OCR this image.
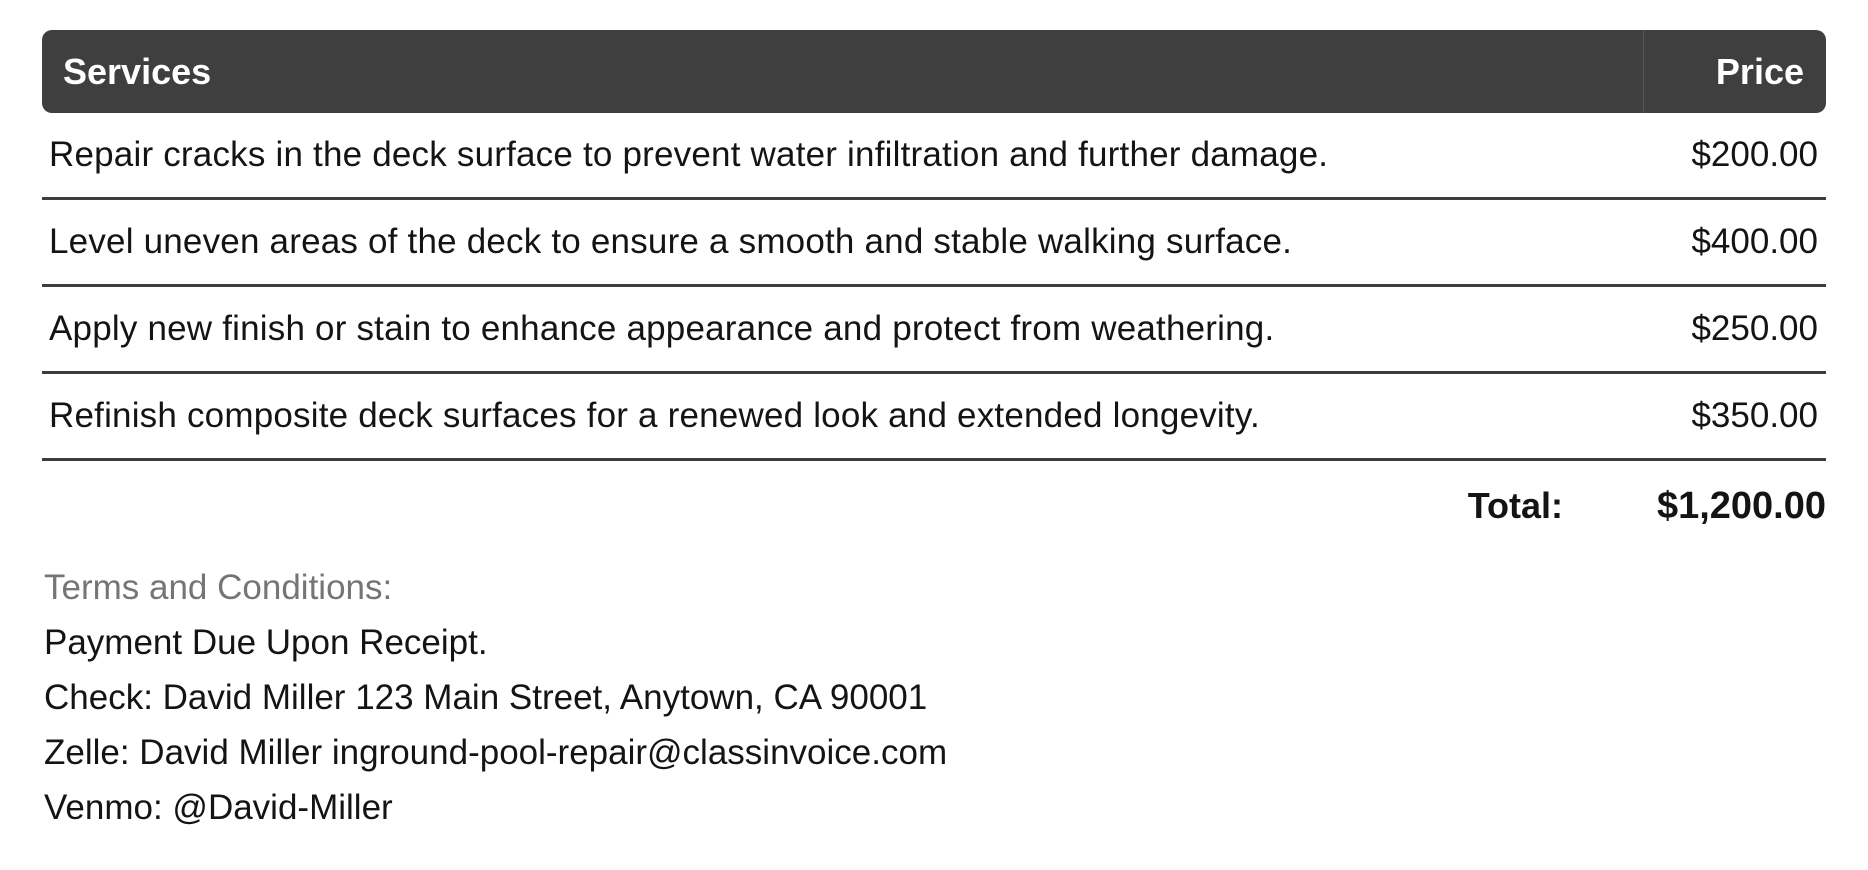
Services	Price
Repair cracks in the deck surface to prevent water infiltration and further damage.	$200.00
Level uneven areas of the deck to ensure a smooth and stable walking surface.	$400.00
Apply new finish or stain to enhance appearance and protect from weathering.	$250.00
Refinish composite deck surfaces for a renewed look and extended longevity.	$350.00
Total:	$1,200.00
Terms and Conditions:
Payment Due Upon Receipt.
Check: David Miller 123 Main Street, Anytown, CA 90001
Zelle: David Miller inground-pool-repair@classinvoice.com
Venmo: @David-Miller
